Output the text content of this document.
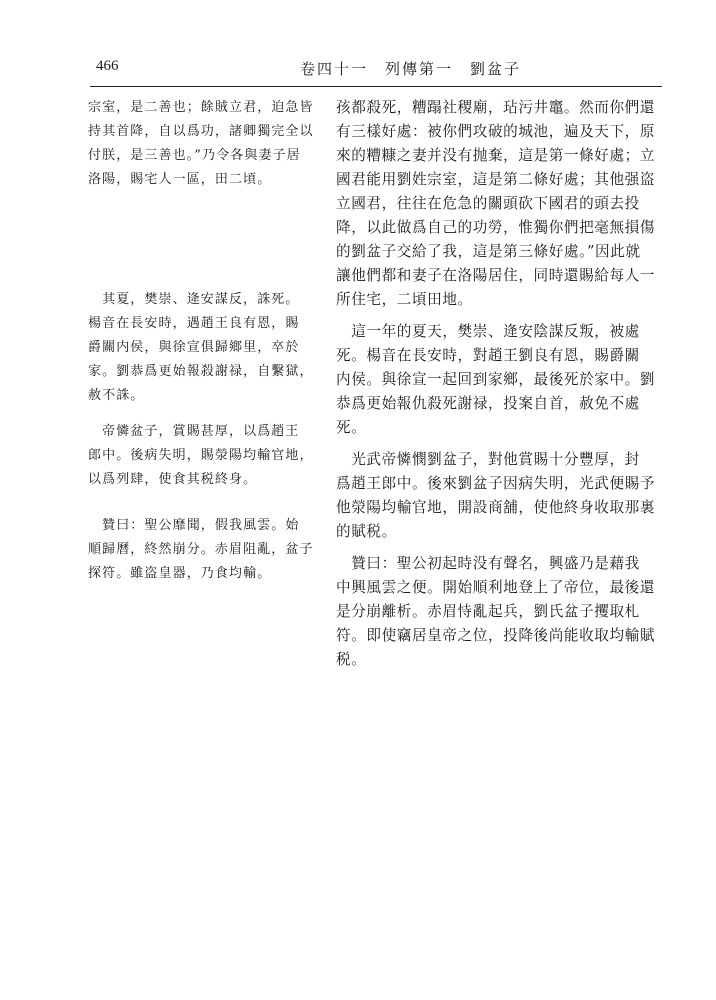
466	卷四十一　列傳第一　劉盆子
宗室，是二善也；餘賊立君，迫急皆
持其首降，自以爲功，諸卿獨完全以
付朕，是三善也。”乃令各與妻子居
洛陽，賜宅人一區，田二頃。
　其夏，樊崇、逄安謀反，誅死。
楊音在長安時，遇趙王良有恩，賜
爵關内侯，與徐宣俱歸鄉里，卒於
家。劉恭爲更始報殺謝禄，自繫獄，
赦不誅。
　帝憐盆子，賞賜甚厚，以爲趙王
郎中。後病失明，賜滎陽均輸官地，
以爲列肆，使食其税終身。
　贊曰：聖公靡聞，假我風雲。始
順歸曆，終然崩分。赤眉阻亂，盆子
探符。雖盗皇器，乃食均輸。
孩都殺死，糟蹋社稷廟，玷污井竈。然而你們還
有三樣好處：被你們攻破的城池，遍及天下，原
來的糟糠之妻并没有抛棄，這是第一條好處；立
國君能用劉姓宗室，這是第二條好處；其他强盗
立國君，往往在危急的關頭砍下國君的頭去投
降，以此做爲自己的功勞，惟獨你們把毫無損傷
的劉盆子交給了我，這是第三條好處。”因此就
讓他們都和妻子在洛陽居住，同時還賜給每人一
所住宅，二頃田地。
　這一年的夏天，樊崇、逄安陰謀反叛，被處
死。楊音在長安時，對趙王劉良有恩，賜爵關
内侯。與徐宣一起回到家鄉，最後死於家中。劉
恭爲更始報仇殺死謝禄，投案自首，赦免不處
死。
　光武帝憐憫劉盆子，對他賞賜十分豐厚，封
爲趙王郎中。後來劉盆子因病失明，光武便賜予
他滎陽均輸官地，開設商舖，使他終身收取那裏
的賦税。
　贊曰：聖公初起時没有聲名，興盛乃是藉我
中興風雲之便。開始順利地登上了帝位，最後還
是分崩離析。赤眉恃亂起兵，劉氏盆子攫取札
符。即使竊居皇帝之位，投降後尚能收取均輸賦
税。
